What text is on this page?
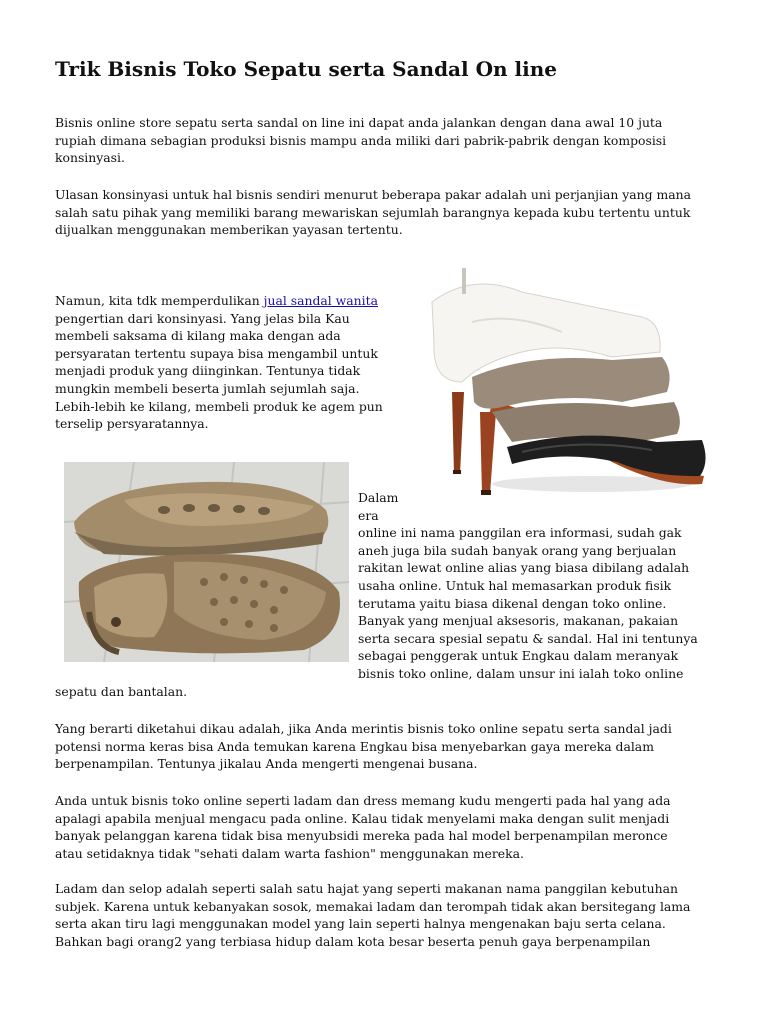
Trik Bisnis Toko Sepatu serta Sandal On line
Bisnis online store sepatu serta sandal on line ini dapat anda jalankan dengan dana awal 10 juta
rupiah dimana sebagian produksi bisnis mampu anda miliki dari pabrik-pabrik dengan komposisi
konsinyasi.
Ulasan konsinyasi untuk hal bisnis sendiri menurut beberapa pakar adalah uni perjanjian yang mana
salah satu pihak yang memiliki barang mewariskan sejumlah barangnya kepada kubu tertentu untuk
dijualkan menggunakan memberikan yayasan tertentu.
Namun, kita tdk memperdulikan jual sandal wanita
pengertian dari konsinyasi. Yang jelas bila Kau
membeli saksama di kilang maka dengan ada
persyaratan tertentu supaya bisa mengambil untuk
menjadi produk yang diinginkan. Tentunya tidak
mungkin membeli beserta jumlah sejumlah saja.
Lebih-lebih ke kilang, membeli produk ke agem pun
terselip persyaratannya.
Dalam
era
online ini nama panggilan era informasi, sudah gak
aneh juga bila sudah banyak orang yang berjualan
rakitan lewat online alias yang biasa dibilang adalah
usaha online. Untuk hal memasarkan produk fisik
terutama yaitu biasa dikenal dengan toko online.
Banyak yang menjual aksesoris, makanan, pakaian
serta secara spesial sepatu & sandal. Hal ini tentunya
sebagai penggerak untuk Engkau dalam meranyak
bisnis toko online, dalam unsur ini ialah toko online
sepatu dan bantalan.
Yang berarti diketahui dikau adalah, jika Anda merintis bisnis toko online sepatu serta sandal jadi
potensi norma keras bisa Anda temukan karena Engkau bisa menyebarkan gaya mereka dalam
berpenampilan. Tentunya jikalau Anda mengerti mengenai busana.
Anda untuk bisnis toko online seperti ladam dan dress memang kudu mengerti pada hal yang ada
apalagi apabila menjual mengacu pada online. Kalau tidak menyelami maka dengan sulit menjadi
banyak pelanggan karena tidak bisa menyubsidi mereka pada hal model berpenampilan meronce
atau setidaknya tidak "sehati dalam warta fashion" menggunakan mereka.
Ladam dan selop adalah seperti salah satu hajat yang seperti makanan nama panggilan kebutuhan
subjek. Karena untuk kebanyakan sosok, memakai ladam dan terompah tidak akan bersitegang lama
serta akan tiru lagi menggunakan model yang lain seperti halnya mengenakan baju serta celana.
Bahkan bagi orang2 yang terbiasa hidup dalam kota besar beserta penuh gaya berpenampilan
